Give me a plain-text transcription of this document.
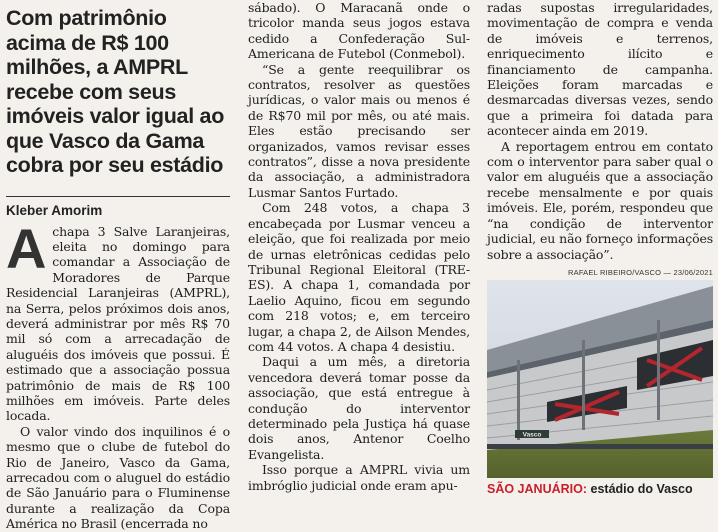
Com patrimônio acima de R$ 100 milhões, a AMPRL recebe com seus imóveis valor igual ao que Vasco da Gama cobra por seu estádio
Kleber Amorim

Achapa 3 Salve Laranjeiras, eleita no domingo para comandar a Associação de Moradores de Parque Residencial Laranjeiras (AMPRL), na Serra, pelos próximos dois anos, deverá administrar por mês R$ 70 mil só com a arrecadação de aluguéis dos imóveis que possui. É estimado que a associação possua patrimônio de mais de R$ 100 milhões em imóveis. Parte deles locada.

O valor vindo dos inquilinos é o mesmo que o clube de futebol do Rio de Janeiro, Vasco da Gama, arrecadou com o aluguel do estádio de São Januário para o Fluminense durante a realização da Copa América no Brasil (encerrada no

sábado). O Maracanã onde o tricolor manda seus jogos estava cedido a Confederação Sul-Americana de Futebol (Conmebol).

“Se a gente reequilibrar os contratos, resolver as questões jurídicas, o valor mais ou menos é de R$70 mil por mês, ou até mais. Eles estão precisando ser organizados, vamos revisar esses contratos”, disse a nova presidente da associação, a administradora Lusmar Santos Furtado.

Com 248 votos, a chapa 3 encabeçada por Lusmar venceu a eleição, que foi realizada por meio de urnas eletrônicas cedidas pelo Tribunal Regional Eleitoral (TRE-ES). A chapa 1, comandada por Laelio Aquino, ficou em segundo com 218 votos; e, em terceiro lugar, a chapa 2, de Ailson Mendes, com 44 votos. A chapa 4 desistiu.

Daqui a um mês, a diretoria vencedora deverá tomar posse da associação, que está entregue à condução do interventor determinado pela Justiça há quase dois anos, Antenor Coelho Evangelista.

Isso porque a AMPRL vivia um imbróglio judicial onde eram apu-

radas supostas irregularidades, movimentação de compra e venda de imóveis e terrenos, enriquecimento ilícito e financiamento de campanha. Eleições foram marcadas e desmarcadas diversas vezes, sendo que a primeira foi datada para acontecer ainda em 2019.

A reportagem entrou em contato com o interventor para saber qual o valor em aluguéis que a associação recebe mensalmente e por quais imóveis. Ele, porém, respondeu que “na condição de interventor judicial, eu não forneço informações sobre a associação”.

RAFAEL RIBEIRO/VASCO — 23/06/2021
Vasco
SÃO JANUÁRIO: estádio do Vasco
